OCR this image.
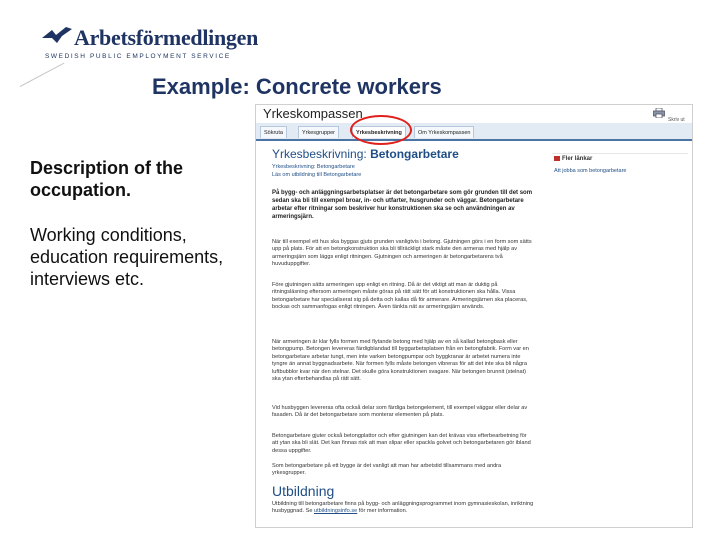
Arbetsförmedlingen
SWEDISH PUBLIC EMPLOYMENT SERVICE
Example: Concrete workers
Description of the occupation.
Working conditions, education requirements, interviews etc.
Yrkeskompassen	Skriv ut
Sökruta	Yrkesgrupper	Yrkesbeskrivning	Om Yrkeskompassen
Yrkesbeskrivning: Betongarbetare
Yrkesbeskrivning: Betongarbetare
Läs om utbildning till Betongarbetare
På bygg- och anläggningsarbetsplatser är det betongarbetare som gör grunden till det som sedan ska bli till exempel broar, in- och utfarter, husgrunder och väggar. Betongarbetare arbetar efter ritningar som beskriver hur konstruktionen ska se och användningen av armeringsjärn.
När till exempel ett hus ska byggas gjuts grunden vanligtvis i betong. Gjutningen görs i en form som sätts upp på plats. För att en betongkonstruktion ska bli tillräckligt stark måste den armeras med hjälp av armeringsjärn som läggs enligt ritningen. Gjutningen och armeringen är betongarbetarens två huvuduppgifter.
Före gjutningen sätts armeringen upp enligt en ritning. Då är det viktigt att man är duktig på ritningsläsning eftersom armeringen måste göras på rätt sätt för att konstruktionen ska hålla. Vissa betongarbetare har specialiserat sig på detta och kallas då för armerare. Armeringsjärnen ska placeras, bockas och sammanfogas enligt ritningen. Även tänkta nät av armeringsjärn används.
När armeringen är klar fylls formen med flytande betong med hjälp av en så kallad betongbask eller betongpump. Betongen levereras färdigblandad till byggarbetsplatsen från en betongfabrik. Form var en betongarbetare arbetar tungt, men inte varken betongpumpar och byggkranar är arbetet numera inte tyngre än annat byggnadsarbete. När formen fylls måste betongen vibreras för att det inte ska bli några luftbubblor kvar när den stelnar. Det skulle göra konstruktionen svagare. När betongen brunnit (stelnat) ska ytan efterbehandlas på rätt sätt.
Vid husbyggen levereras ofta också delar som färdiga betongelement, till exempel väggar eller delar av fasaden. Då är det betongarbetare som monterar elementen på plats.
Betongarbetare gjuter också betongplattor och efter gjutningen kan det krävas viss efterbearbetning för att ytan ska bli slät. Det kan finnas risk att man slipar eller spackla golvet och betongarbetaren gör ibland dessa uppgifter.
Som betongarbetare på ett bygge är det vanligt att man har arbetstid tillsammans med andra yrkesgrupper.
Utbildning
Utbildning till betongarbetare finns på bygg- och anläggningsprogrammet inom gymnasieskolan, inriktning husbyggnad. Se utbildningsinfo.se för mer information.
Fler länkar
Att jobba som betongarbetare
